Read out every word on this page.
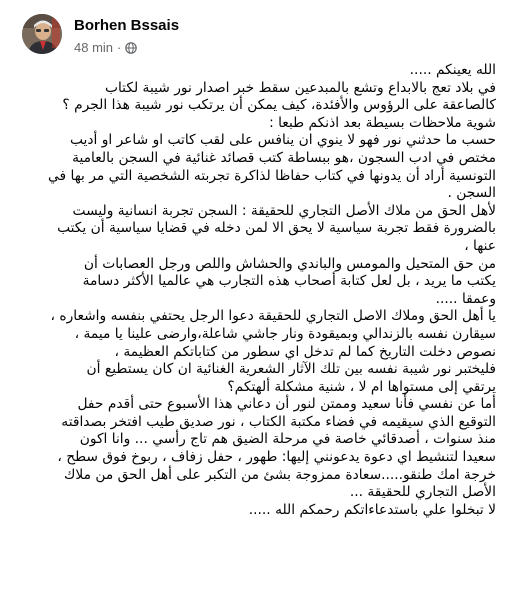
Borhen Bssais
48 min ·
الله يعينكم .....
في بلاد تعج بالابداع وتشع بالمبدعين سقط خبر اصدار نور شيبة لكتاب
كالصاعقة على الرؤوس والأفئدة، كيف يمكن أن يرتكب نور شيبة هذا الجرم ؟
شوية ملاحظات بسيطة بعد اذنكم طبعا :
حسب ما حدثني نور فهو لا ينوي ان ينافس على لقب كاتب او شاعر او أديب
مختص في ادب السجون ،هو ببساطة كتب قصائد غنائية في السجن بالعامية
التونسية أراد أن يدونها في كتاب حفاظا لذاكرة تجربته الشخصية التي مر بها في
السجن .
لأهل الحق من ملاك الأصل التجاري للحقيقة : السجن تجربة انسانية وليست
بالضرورة فقط تجربة سياسية لا يحق الا لمن دخله في قضايا سياسية أن يكتب
عنها ،
من حق المتحيل والمومس والباندي والحشاش واللص ورجل العصابات أن
يكتب ما يريد ، بل لعل كتابة أصحاب هذه التجارب هي عالميا الأكثر دسامة
وعمقا .....
يا أهل الحق وملاك الاصل التجاري للحقيقة دعوا الرجل يحتفي بنفسه واشعاره ،
سيقارن نفسه بالزندالي وبميقودة ونار جاشي شاعلة،وارضى علينا يا ميمة ،
نصوص دخلت التاريخ كما لم تدخل اي سطور من كتاباتكم العظيمة ،
فليختبر نور شيبة نفسه بين تلك الآثار الشعرية الغنائية ان كان يستطيع أن
يرتقي إلى مستواها ام لا ، شنية مشكلة ألهتكم؟
أما عن نفسي فأنا سعيد وممتن لنور أن دعاني هذا الأسبوع حتى أقدم حفل
التوقيع الذي سيقيمه في فضاء مكتبة الكتاب ، نور صديق طيب افتخر بصداقته
منذ سنوات ، أصدقائي خاصة في مرحلة الضيق هم تاج رأسي ... وانا اكون
سعيدا لتنشيط اي دعوة يدعونني إليها: طهور ، حفل زفاف ، ربوخ فوق سطح ،
خرجة امك طنقو.....سعادة ممزوجة بشئ من التكبر على أهل الحق من ملاك
الأصل التجاري للحقيقة ...
لا تبخلوا علي باستدعاءاتكم رحمكم الله .....
